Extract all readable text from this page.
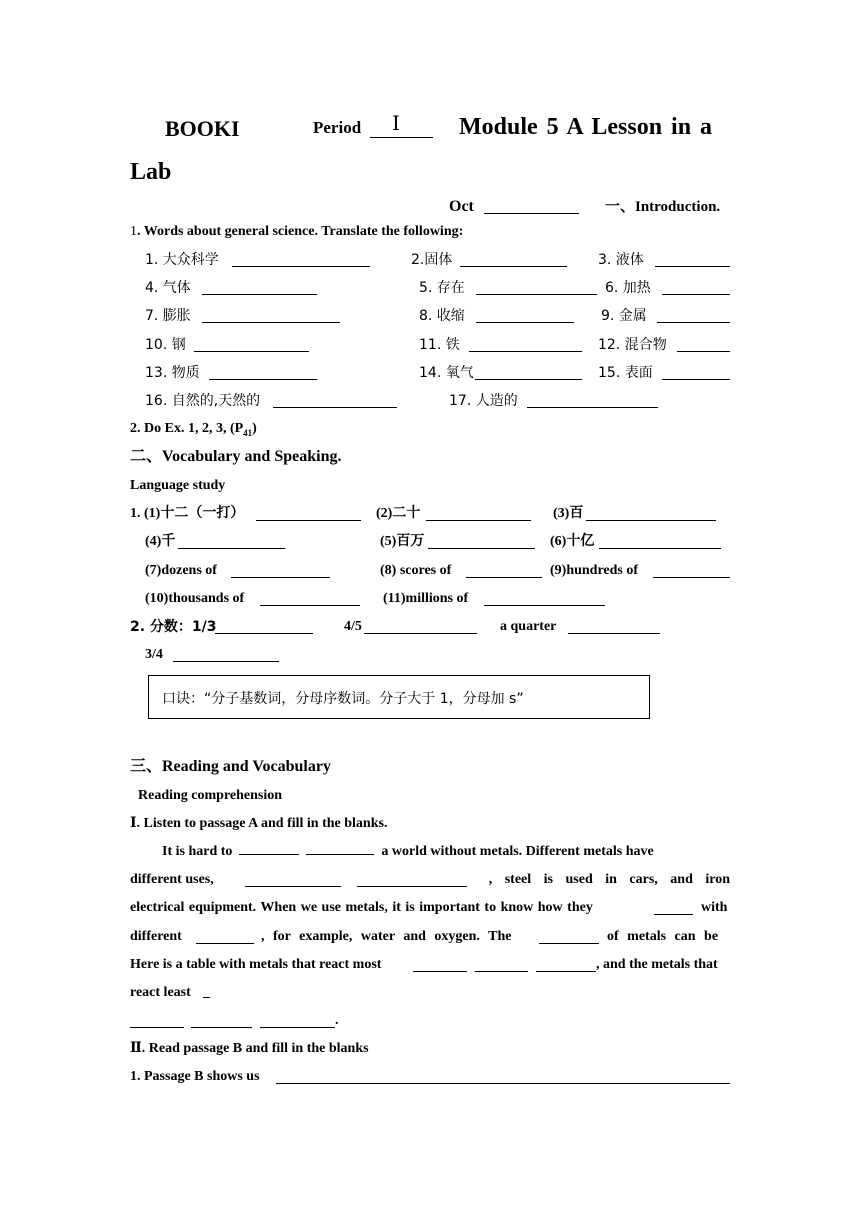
BOOKI	Period Ⅰ Module 5 A Lesson in a
Lab
Oct	一、Introduction.
1. Words about general science. Translate the following:
1. 大众科学	2.固体	3. 液体
4. 气体	5. 存在	6. 加热
7. 膨胀	8. 收缩	9. 金属
10. 钢	11. 铁	12. 混合物
13. 物质	14. 氧气	15. 表面
16. 自然的,天然的	17. 人造的
2. Do Ex. 1, 2, 3, $(P_{41})$
二、Vocabulary and Speaking.
Language study
1. (1)十二（一打）	(2)二十	(3)百
(4)千	(5)百万	(6)十亿
(7)dozens of	(8) scores of	(9)hundreds of
(10)thousands of	(11)millions of
2. 分数：1/3	4/5	a quarter
3/4
口诀：“分子基数词，分母序数词。分子大于 1，分母加 s”
三、Reading and Vocabulary
Reading comprehension
Ⅰ. Listen to passage A and fill in the blanks.
It is hard to	a world without metals. Different metals have
different uses,	, steel is used in cars, and iron
electrical equipment. When we use metals, it is important to know how they	with
different	, for example, water and oxygen. The	of metals can be
Here is a table with metals that react most	, and the metals that
react least _
.
Ⅱ. Read passage B and fill in the blanks
1. Passage B shows us
